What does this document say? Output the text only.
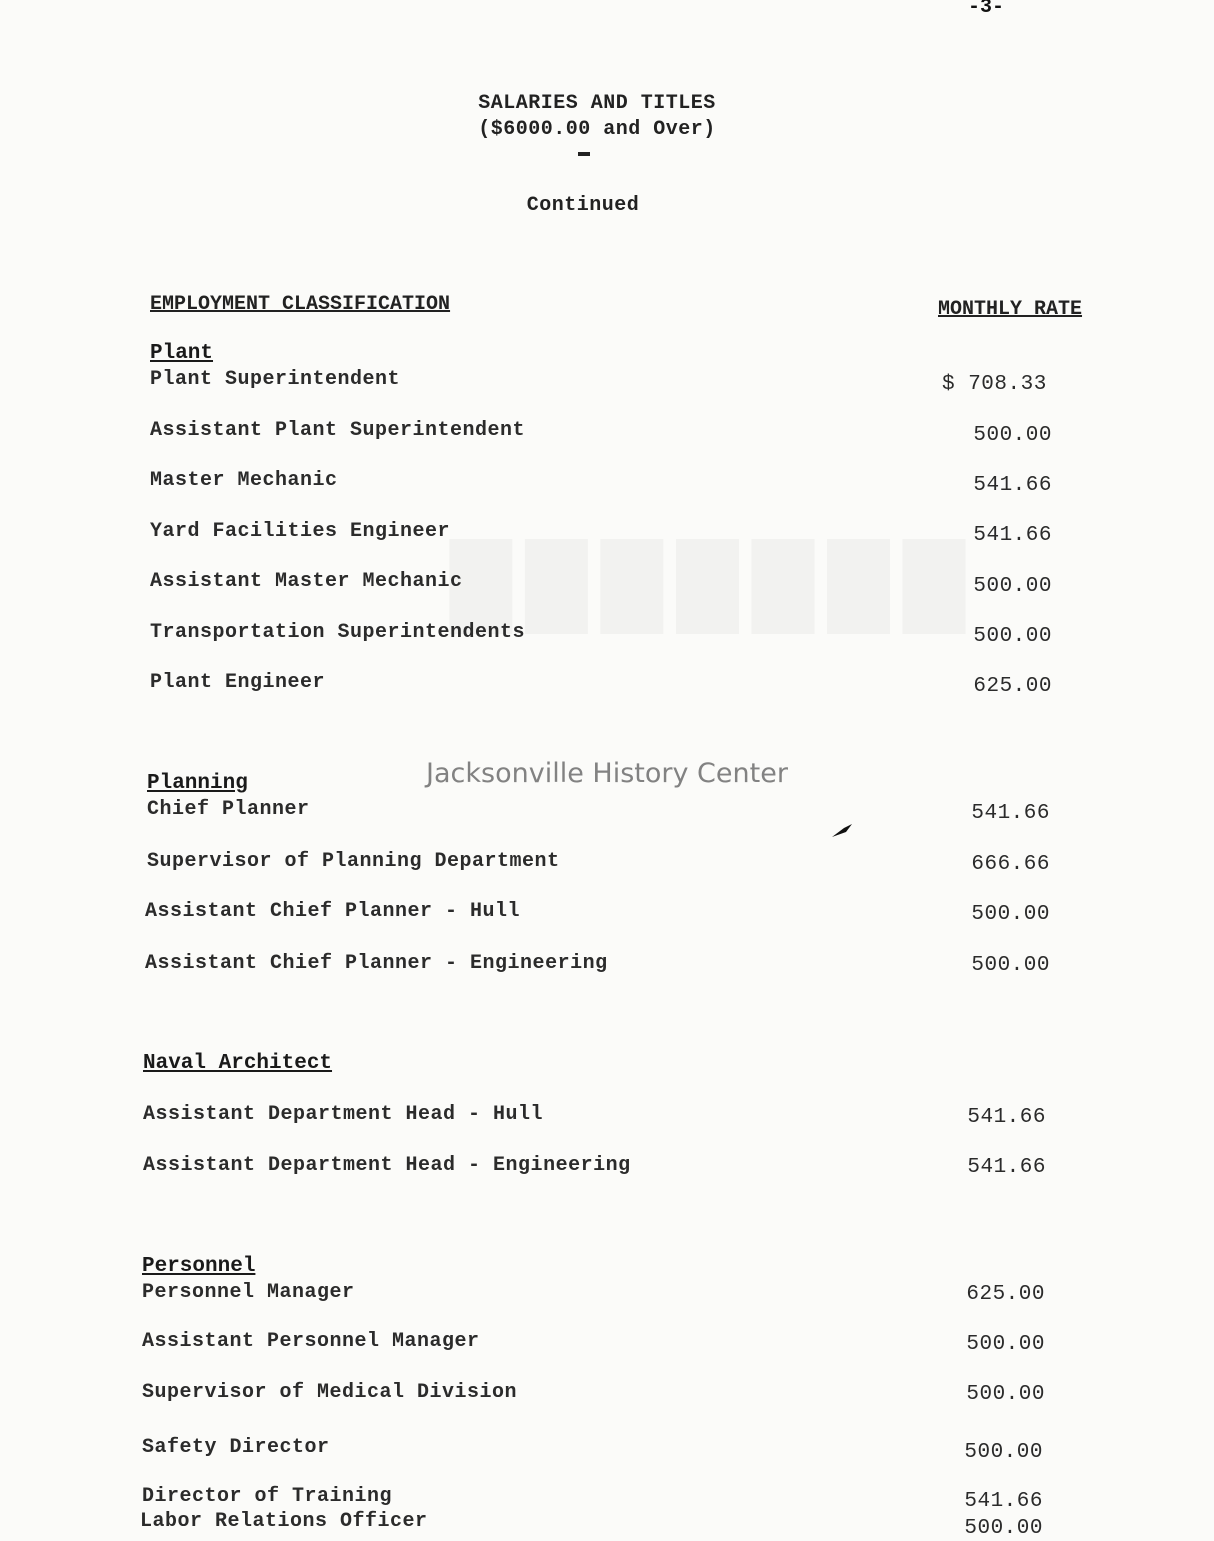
-3-
SALARIES AND TITLES
($6000.00 and Over)
Continued
EMPLOYMENT CLASSIFICATION	MONTHLY RATE
Plant
Plant Superintendent	$ 708.33
Assistant Plant Superintendent	500.00
Master Mechanic	541.66
Yard Facilities Engineer	541.66
Assistant Master Mechanic	500.00
Transportation Superintendents	500.00
Plant Engineer	625.00
Planning
Chief Planner	541.66
Supervisor of Planning Department	666.66
Assistant Chief Planner - Hull	500.00
Assistant Chief Planner - Engineering	500.00
Naval Architect
Assistant Department Head - Hull	541.66
Assistant Department Head - Engineering	541.66
Personnel
Personnel Manager	625.00
Assistant Personnel Manager	500.00
Supervisor of Medical Division	500.00
Safety Director	500.00
Director of Training	541.66
Labor Relations Officer	500.00
Jacksonville History Center
